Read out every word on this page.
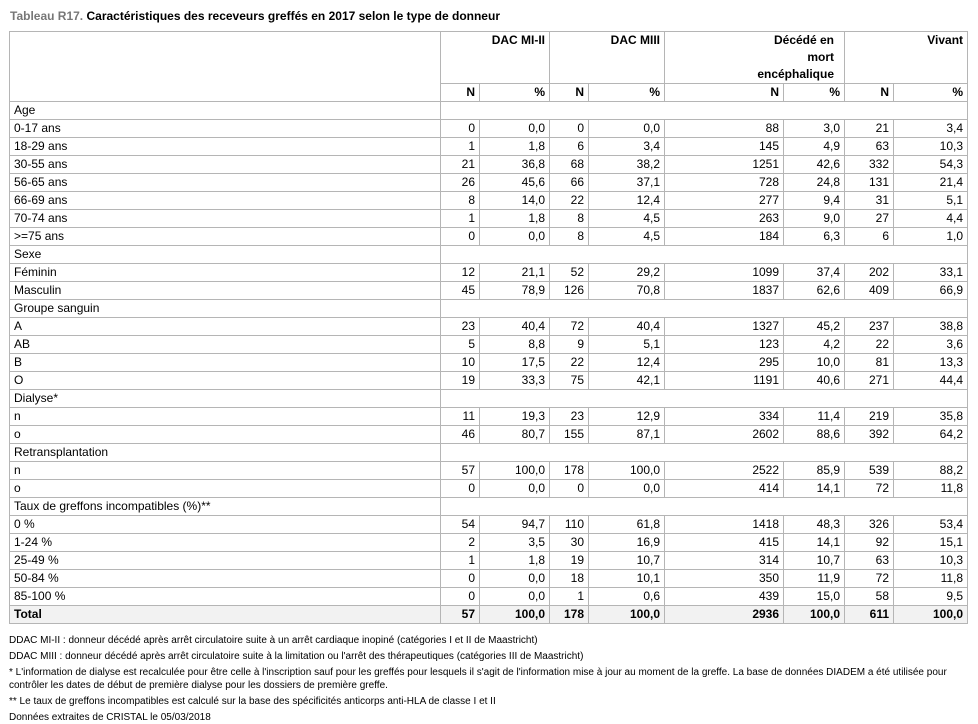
Tableau R17. Caractéristiques des receveurs greffés en 2017 selon le type de donneur
	DAC MI-II		DAC MIII		Décédé en mort encéphalique		Vivant	
	N	%	N	%	N	%	N	%
Age								
0-17 ans	0	0,0	0	0,0	88	3,0	21	3,4
18-29 ans	1	1,8	6	3,4	145	4,9	63	10,3
30-55 ans	21	36,8	68	38,2	1251	42,6	332	54,3
56-65 ans	26	45,6	66	37,1	728	24,8	131	21,4
66-69 ans	8	14,0	22	12,4	277	9,4	31	5,1
70-74 ans	1	1,8	8	4,5	263	9,0	27	4,4
>=75 ans	0	0,0	8	4,5	184	6,3	6	1,0
Sexe								
Féminin	12	21,1	52	29,2	1099	37,4	202	33,1
Masculin	45	78,9	126	70,8	1837	62,6	409	66,9
Groupe sanguin								
A	23	40,4	72	40,4	1327	45,2	237	38,8
AB	5	8,8	9	5,1	123	4,2	22	3,6
B	10	17,5	22	12,4	295	10,0	81	13,3
O	19	33,3	75	42,1	1191	40,6	271	44,4
Dialyse*								
n	11	19,3	23	12,9	334	11,4	219	35,8
o	46	80,7	155	87,1	2602	88,6	392	64,2
Retransplantation								
n	57	100,0	178	100,0	2522	85,9	539	88,2
o	0	0,0	0	0,0	414	14,1	72	11,8
Taux de greffons incompatibles (%)**								
0 %	54	94,7	110	61,8	1418	48,3	326	53,4
1-24 %	2	3,5	30	16,9	415	14,1	92	15,1
25-49 %	1	1,8	19	10,7	314	10,7	63	10,3
50-84 %	0	0,0	18	10,1	350	11,9	72	11,8
85-100 %	0	0,0	1	0,6	439	15,0	58	9,5
Total	57	100,0	178	100,0	2936	100,0	611	100,0

DDAC MI-II : donneur décédé après arrêt circulatoire suite à un arrêt cardiaque inopiné (catégories I et II de Maastricht)

DDAC MIII : donneur décédé après arrêt circulatoire suite à la limitation ou l'arrêt des thérapeutiques (catégories III de Maastricht)

* L'information de dialyse est recalculée pour être celle à l'inscription sauf pour les greffés pour lesquels il s'agit de l'information mise à jour au moment de la greffe. La base de données DIADEM a été utilisée pour contrôler les dates de début de première dialyse pour les dossiers de première greffe.

** Le taux de greffons incompatibles est calculé sur la base des spécificités anticorps anti-HLA de classe I et II

Données extraites de CRISTAL le 05/03/2018
